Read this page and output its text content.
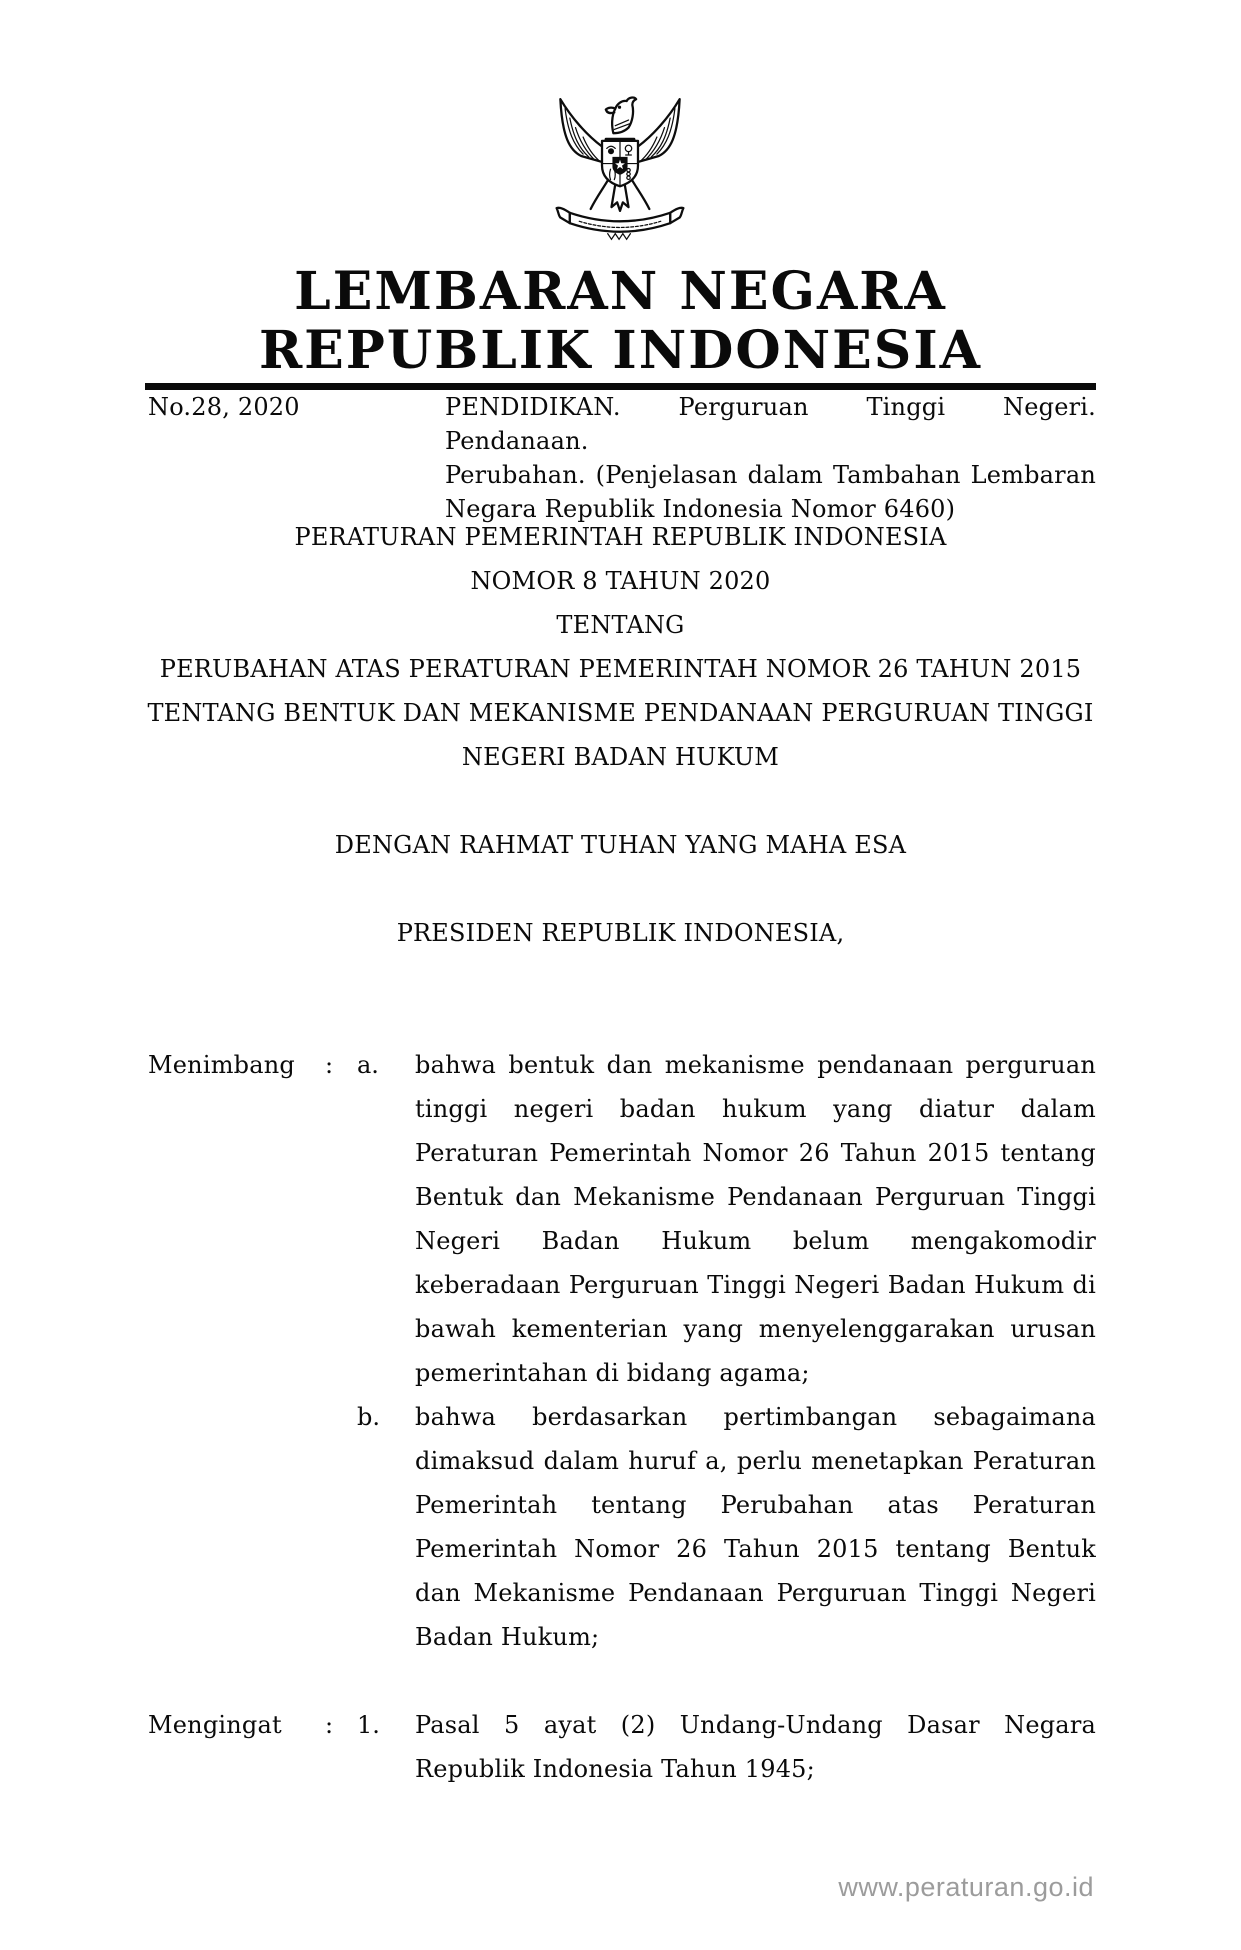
LEMBARAN NEGARA
REPUBLIK INDONESIA
No.28, 2020	PENDIDIKAN. Perguruan Tinggi Negeri. Pendanaan.
Perubahan. (Penjelasan dalam Tambahan Lembaran
Negara Republik Indonesia Nomor 6460)
PERATURAN PEMERINTAH REPUBLIK INDONESIA
NOMOR 8 TAHUN 2020
TENTANG
PERUBAHAN ATAS PERATURAN PEMERINTAH NOMOR 26 TAHUN 2015
TENTANG BENTUK DAN MEKANISME PENDANAAN PERGURUAN TINGGI
NEGERI BADAN HUKUM
DENGAN RAHMAT TUHAN YANG MAHA ESA
PRESIDEN REPUBLIK INDONESIA,
Menimbang : a. bahwa bentuk dan mekanisme pendanaan perguruan
tinggi negeri badan hukum yang diatur dalam
Peraturan Pemerintah Nomor 26 Tahun 2015 tentang
Bentuk dan Mekanisme Pendanaan Perguruan Tinggi
Negeri Badan Hukum belum mengakomodir
keberadaan Perguruan Tinggi Negeri Badan Hukum di
bawah kementerian yang menyelenggarakan urusan
pemerintahan di bidang agama;
b. bahwa berdasarkan pertimbangan sebagaimana
dimaksud dalam huruf a, perlu menetapkan Peraturan
Pemerintah tentang Perubahan atas Peraturan
Pemerintah Nomor 26 Tahun 2015 tentang Bentuk
dan Mekanisme Pendanaan Perguruan Tinggi Negeri
Badan Hukum;
Mengingat : 1. Pasal 5 ayat (2) Undang-Undang Dasar Negara
Republik Indonesia Tahun 1945;
www.peraturan.go.id
